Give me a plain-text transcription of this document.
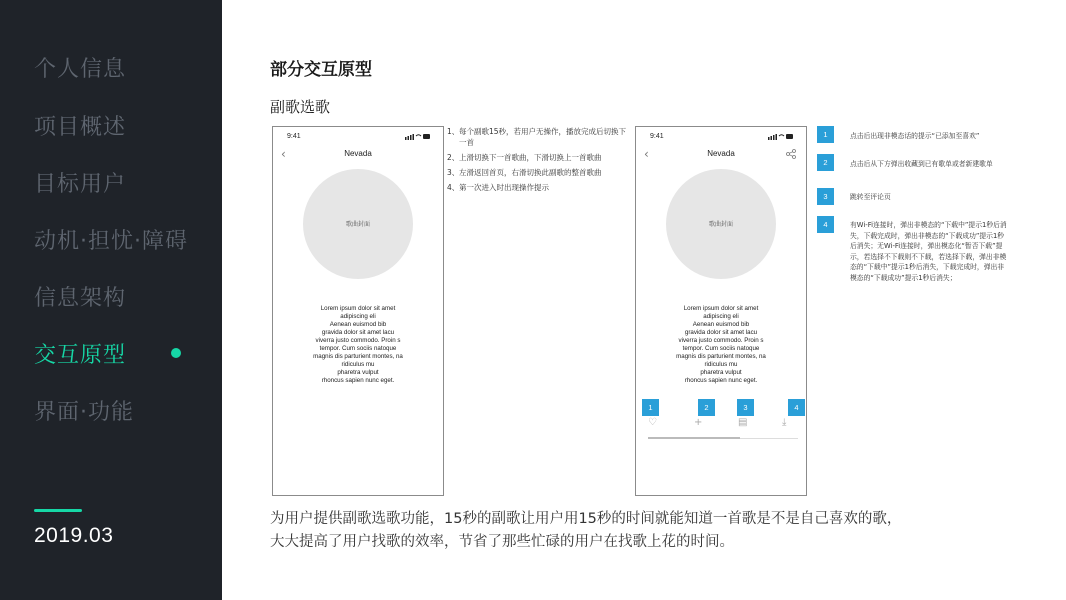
个人信息
项目概述
目标用户
动机·担忧·障碍
信息架构
交互原型
界面·功能
2019.03
部分交互原型
副歌选歌
9:41
‹	Nevada
歌曲封面
Lorem ipsum dolor sit amet
adipiscing eli
Aenean euismod bib
gravida dolor sit amet lacu
viverra justo commodo. Proin s
tempor. Cum sociis natoque
magnis dis parturient montes, na
ridiculus mu
pharetra vulput
rhoncus sapien nunc eget.
1、 每个副歌15秒，若用户无操作，播放完成后切换下一首
2、 上滑切换下一首歌曲，下滑切换上一首歌曲
3、 左滑返回首页，右滑切换此副歌的整首歌曲
4、 第一次进入时出现操作提示
9:41
‹	Nevada
歌曲封面
Lorem ipsum dolor sit amet
adipiscing eli
Aenean euismod bib
gravida dolor sit amet lacu
viverra justo commodo. Proin s
tempor. Cum sociis natoque
magnis dis parturient montes, na
ridiculus mu
pharetra vulput
rhoncus sapien nunc eget.
1	2	3	4
♡	+	▤	⤓
1	点击后出现非模态话的提示“已添加至喜欢”
2	点击后从下方弹出收藏到已有歌单或者新建歌单
3	跳转至评论页
4	有Wi-Fi连接时，弹出非模态的“下载中”提示1秒后消失，下载完成时，弹出非模态的“下载成功”提示1秒后消失；无Wi-Fi连接时，弹出模态化“暂否下载”提示，若选择不下载则不下载，若选择下载，弹出非模态的“下载中”提示1秒后消失，下载完成时，弹出非模态的“下载成功”提示1秒后消失；
为用户提供副歌选歌功能，15秒的副歌让用户用15秒的时间就能知道一首歌是不是自己喜欢的歌，
大大提高了用户找歌的效率，节省了那些忙碌的用户在找歌上花的时间。
